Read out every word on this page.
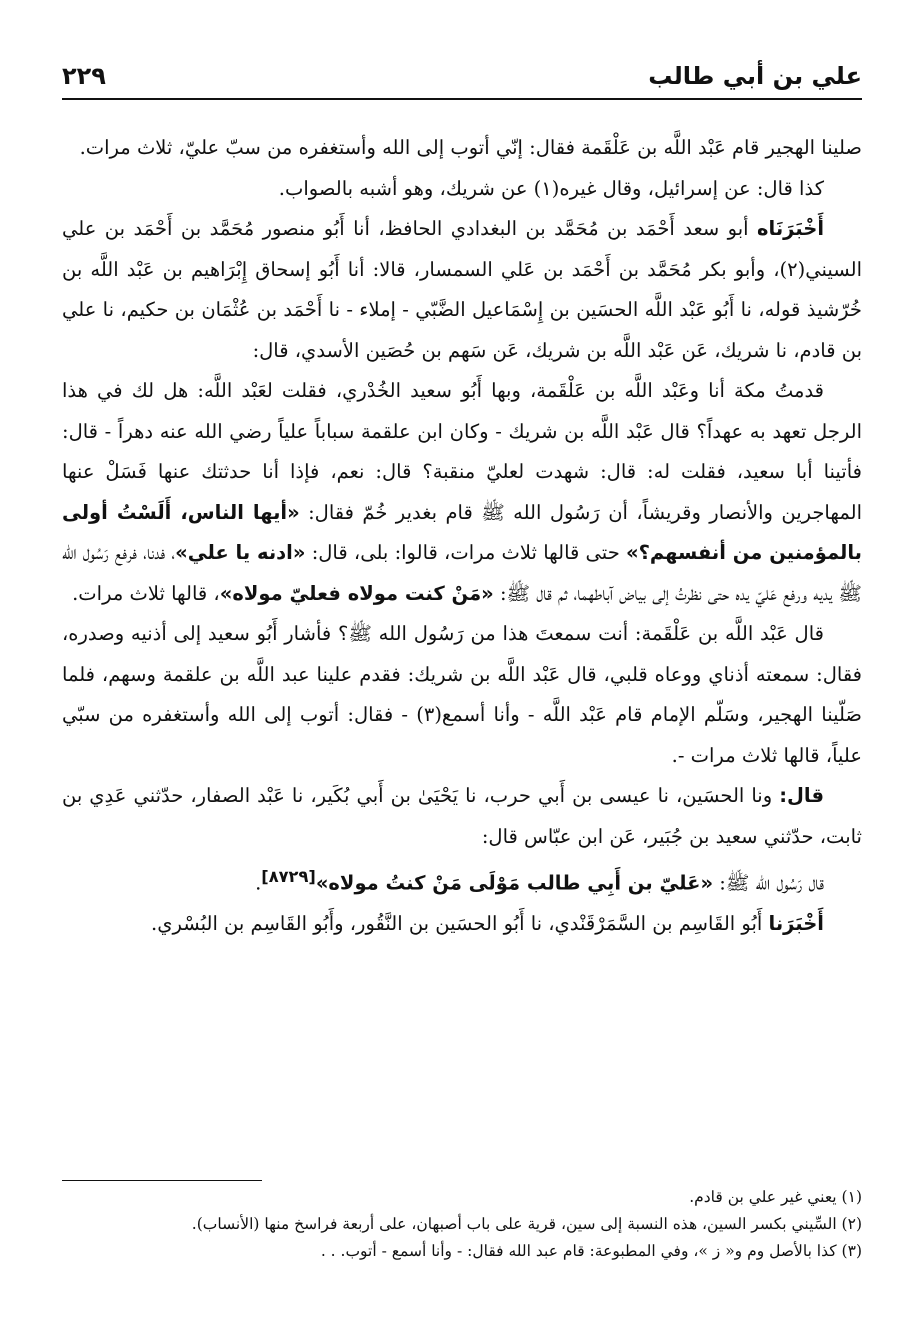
علي بن أبي طالب
٢٢٩

صلينا الهجير قام عَبْد اللَّه بن عَلْقَمة فقال: إنّي أتوب إلى الله وأستغفره من سبّ عليّ، ثلاث مرات.

كذا قال: عن إسرائيل، وقال غيره(١) عن شريك، وهو أشبه بالصواب.

أَخْبَرَنَاه أبو سعد أَحْمَد بن مُحَمَّد بن البغدادي الحافظ، أنا أَبُو منصور مُحَمَّد بن أَحْمَد بن علي السيني(٢)، وأبو بكر مُحَمَّد بن أَحْمَد بن عَلي السمسار، قالا: أنا أَبُو إسحاق إِبْرَاهيم بن عَبْد اللَّه بن خُرّشيذ قوله، نا أَبُو عَبْد اللَّه الحسَين بن إِسْمَاعيل الضَّبّي - إملاء - نا أَحْمَد بن عُثْمَان بن حكيم، نا علي بن قادم، نا شريك، عَن عَبْد اللَّه بن شريك، عَن سَهم بن حُصَين الأسدي، قال:

قدمتُ مكة أنا وعَبْد اللَّه بن عَلْقَمة، وبها أَبُو سعيد الخُدْري، فقلت لعَبْد اللَّه: هل لك في هذا الرجل تعهد به عهداً؟ قال عَبْد اللَّه بن شريك - وكان ابن علقمة سباباً علياً رضي الله عنه دهراً - قال: فأتينا أبا سعيد، فقلت له: قال: شهدت لعليّ منقبة؟ قال: نعم، فإذا أنا حدثتك عنها فَسَلْ عنها المهاجرين والأنصار وقريشاً، أن رَسُول الله ﷺ قام بغدير خُمّ فقال: «أيها الناس، أَلَسْتُ أولى بالمؤمنين من أنفسهم؟» حتى قالها ثلاث مرات، قالوا: بلى، قال: «ادنه يا علي»، فدنا، فرفع رَسُول الله ﷺ يديه ورفع عَليّ يده حتى نظرتُ إلى بياض آباطهما، ثم قال ﷺ: «مَنْ كنت مولاه فعليّ مولاه»، قالها ثلاث مرات.

قال عَبْد اللَّه بن عَلْقَمة: أنت سمعتَ هذا من رَسُول الله ﷺ؟ فأشار أَبُو سعيد إلى أذنيه وصدره، فقال: سمعته أذناي ووعاه قلبي، قال عَبْد اللَّه بن شريك: فقدم علينا عبد اللَّه بن علقمة وسهم، فلما صَلّينا الهجير، وسَلّم الإمام قام عَبْد اللَّه - وأنا أسمع(٣) - فقال: أتوب إلى الله وأستغفره من سبّي علياً، قالها ثلاث مرات -.

قال: ونا الحسَين، نا عيسى بن أَبي حرب، نا يَحْيَىٰ بن أَبي بُكَير، نا عَبْد الصفار، حدّثني عَدِي بن ثابت، حدّثني سعيد بن جُبَير، عَن ابن عبّاس قال:

قال رَسُول الله ﷺ: «عَليّ بن أَبِي طالب مَوْلَى مَنْ كنتُ مولاه»[٨٧٢٩].

أَخْبَرَنا أَبُو القَاسِم بن السَّمَرْقَنْدي، نا أَبُو الحسَين بن النَّقُور، وأَبُو القَاسِم بن البُسْري.

(١) يعني غير علي بن قادم.
(٢) السِّيني بكسر السين، هذه النسبة إلى سين، قرية على باب أصبهان، على أربعة فراسخ منها (الأنساب).
(٣) كذا بالأصل وم و« ز »، وفي المطبوعة: قام عبد الله فقال: - وأنا أسمع - أتوب. . .
